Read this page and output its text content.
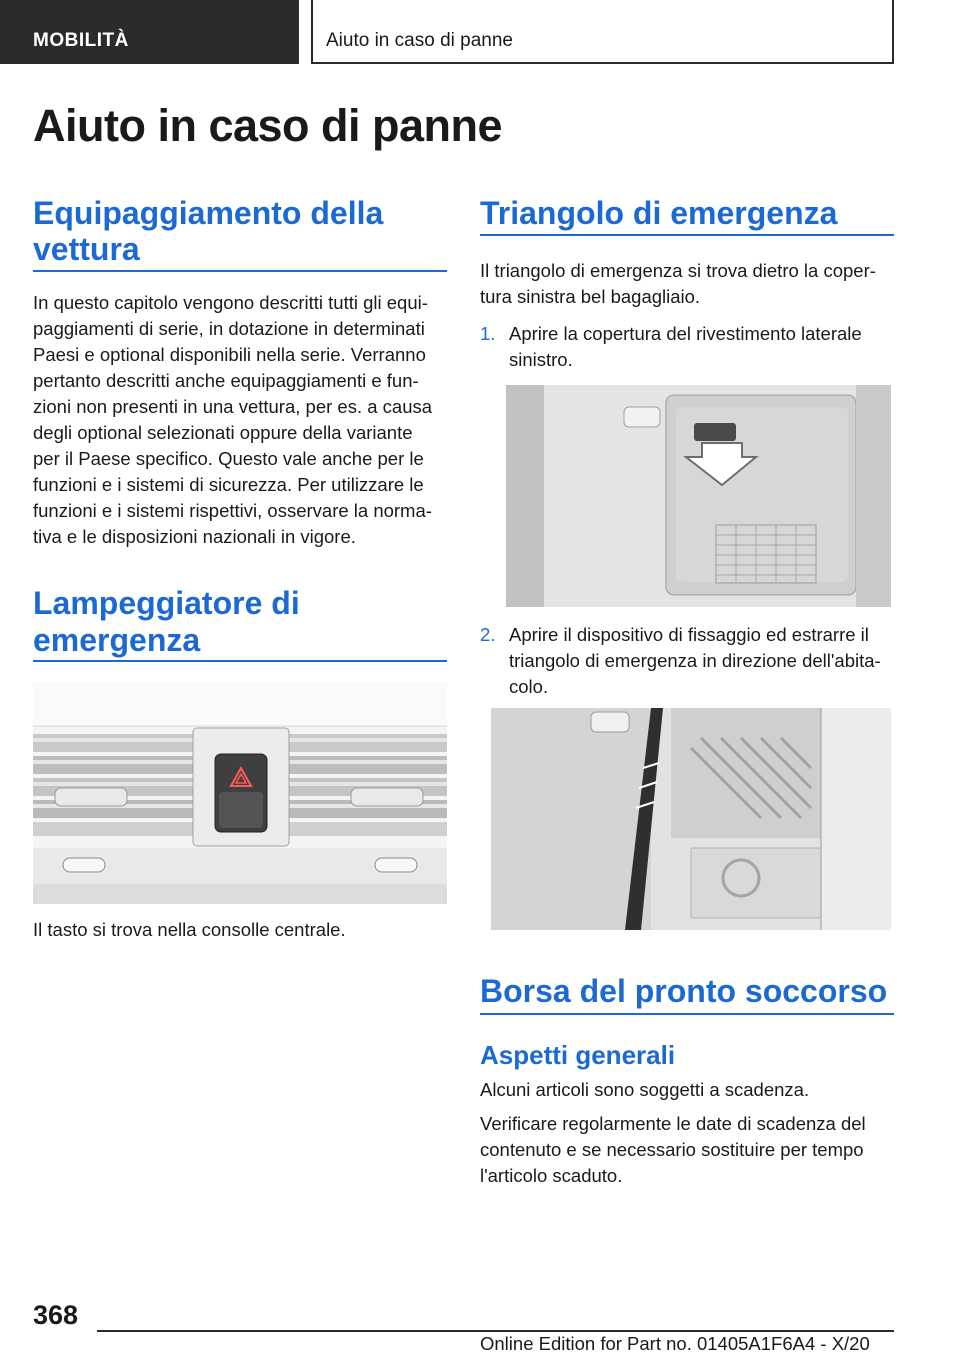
MOBILITÀ	Aiuto in caso di panne
Aiuto in caso di panne
Equipaggiamento della
vettura

In questo capitolo vengono descritti tutti gli equi‐

paggiamenti di serie, in dotazione in determinati

Paesi e optional disponibili nella serie. Verranno

pertanto descritti anche equipaggiamenti e fun‐

zioni non presenti in una vettura, per es. a causa

degli optional selezionati oppure della variante

per il Paese specifico. Questo vale anche per le

funzioni e i sistemi di sicurezza. Per utilizzare le

funzioni e i sistemi rispettivi, osservare la norma‐

tiva e le disposizioni nazionali in vigore.

Lampeggiatore di
emergenza

Il tasto si trova nella consolle centrale.

Triangolo di emergenza

Il triangolo di emergenza si trova dietro la coper‐

tura sinistra bel bagagliaio.

1. Aprire la copertura del rivestimento laterale

sinistro.

2. Aprire il dispositivo di fissaggio ed estrarre il

triangolo di emergenza in direzione dell'abita‐

colo.

Borsa del pronto soccorso
Aspetti generali

Alcuni articoli sono soggetti a scadenza.

Verificare regolarmente le date di scadenza del

contenuto e se necessario sostituire per tempo

l'articolo scaduto.

368
Online Edition for Part no. 01405A1F6A4 - X/20
